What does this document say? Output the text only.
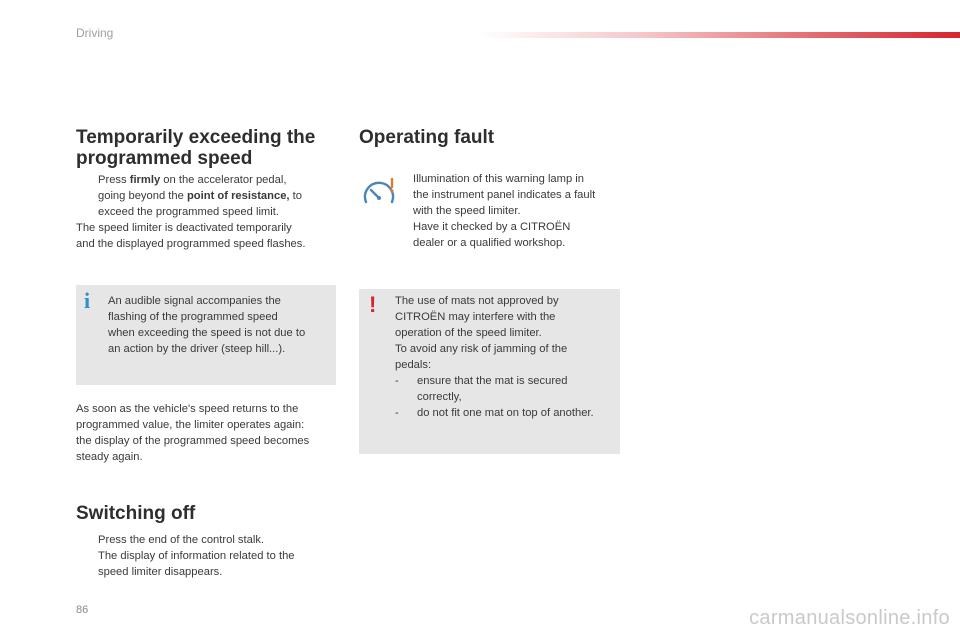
Driving
Temporarily exceeding the
programmed speed
Press firmly on the accelerator pedal,
going beyond the point of resistance, to
exceed the programmed speed limit.
The speed limiter is deactivated temporarily
and the displayed programmed speed flashes.
i An audible signal accompanies the
flashing of the programmed speed
when exceeding the speed is not due to
an action by the driver (steep hill...).
As soon as the vehicle's speed returns to the
programmed value, the limiter operates again:
the display of the programmed speed becomes
steady again.
Switching off
Press the end of the control stalk.
The display of information related to the
speed limiter disappears.
Operating fault
Illumination of this warning lamp in
the instrument panel indicates a fault
with the speed limiter.
Have it checked by a CITROËN
dealer or a qualified workshop.
! The use of mats not approved by
CITROËN may interfere with the
operation of the speed limiter.
To avoid any risk of jamming of the
pedals:
- ensure that the mat is secured
correctly,
- do not fit one mat on top of another.
86	carmanualsonline.info
